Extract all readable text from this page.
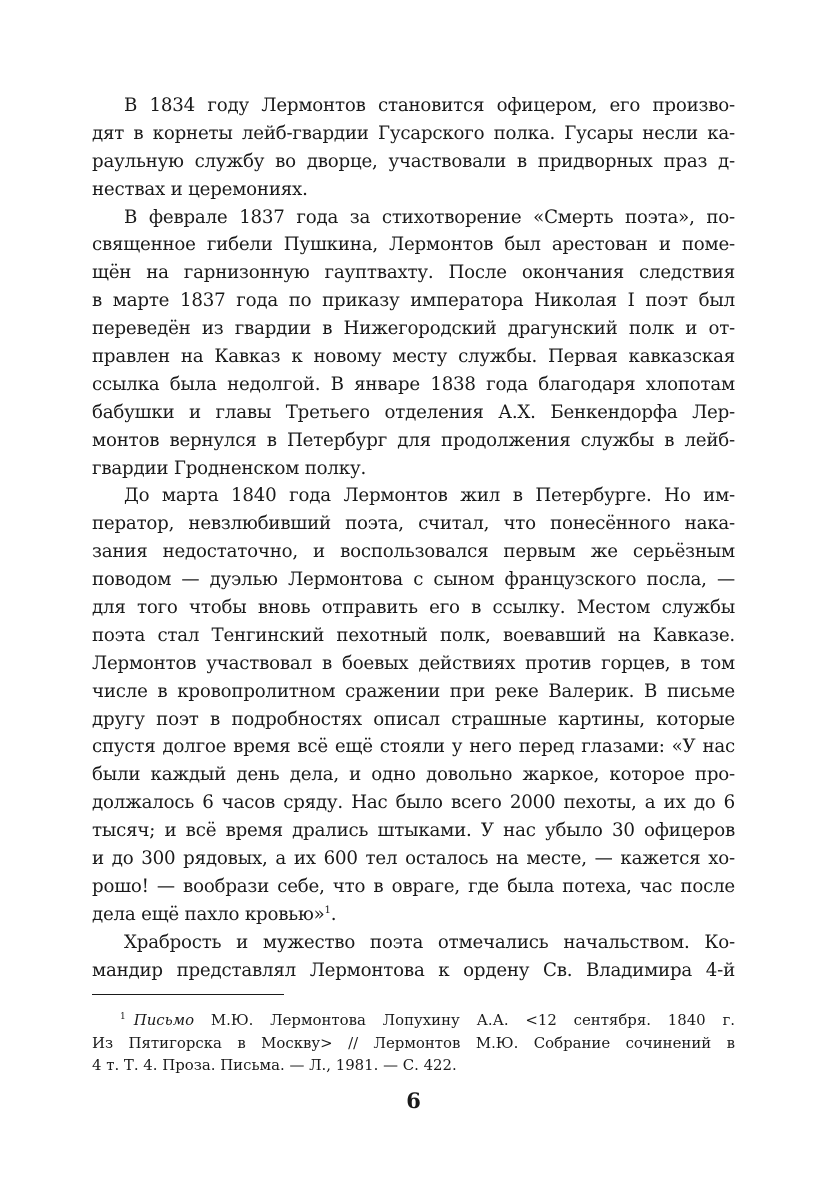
В 1834 году Лермонтов становится офицером, его произво-
дят в корнеты лейб-гвардии Гусарского полка. Гусары несли ка-
раульную службу во дворце, участвовали в придворных праз д-
нествах и церемониях.
В феврале 1837 года за стихотворение «Смерть поэта», по-
священное гибели Пушкина, Лермонтов был арестован и поме-
щён на гарнизонную гауптвахту. После окончания следствия
в марте 1837 года по приказу императора Николая I поэт был
переведён из гвардии в Нижегородский драгунский полк и от-
правлен на Кавказ к новому месту службы. Первая кавказская
ссылка была недолгой. В январе 1838 года благодаря хлопотам
бабушки и главы Третьего отделения А.Х. Бенкендорфа Лер-
монтов вернулся в Петербург для продолжения службы в лейб-
гвардии Гродненском полку.
До марта 1840 года Лермонтов жил в Петербурге. Но им-
ператор, невзлюбивший поэта, считал, что понесённого нака-
зания недостаточно, и воспользовался первым же серьёзным
поводом — дуэлью Лермонтова с сыном французского посла, —
для того чтобы вновь отправить его в ссылку. Местом службы
поэта стал Тенгинский пехотный полк, воевавший на Кавказе.
Лермонтов участвовал в боевых действиях против горцев, в том
числе в кровопролитном сражении при реке Валерик. В письме
другу поэт в подробностях описал страшные картины, которые
спустя долгое время всё ещё стояли у него перед глазами: «У нас
были каждый день дела, и одно довольно жаркое, которое про-
должалось 6 часов сряду. Нас было всего 2000 пехоты, а их до 6
тысяч; и всё время дрались штыками. У нас убыло 30 офицеров
и до 300 рядовых, а их 600 тел осталось на месте, — кажется хо-
рошо! — вообрази себе, что в овраге, где была потеха, час после
дела ещё пахло кровью»$^1$.
Храбрость и мужество поэта отмечались начальством. Ко-
мандир представлял Лермонтова к ордену Св. Владимира 4-й
$^1$ Письмо М.Ю. Лермонтова Лопухину А.А. <12 сентября. 1840 г.
Из Пятигорска в Москву> // Лермонтов М.Ю. Собрание сочинений в
4 т. Т. 4. Проза. Письма. — Л., 1981. — С. 422.
6
